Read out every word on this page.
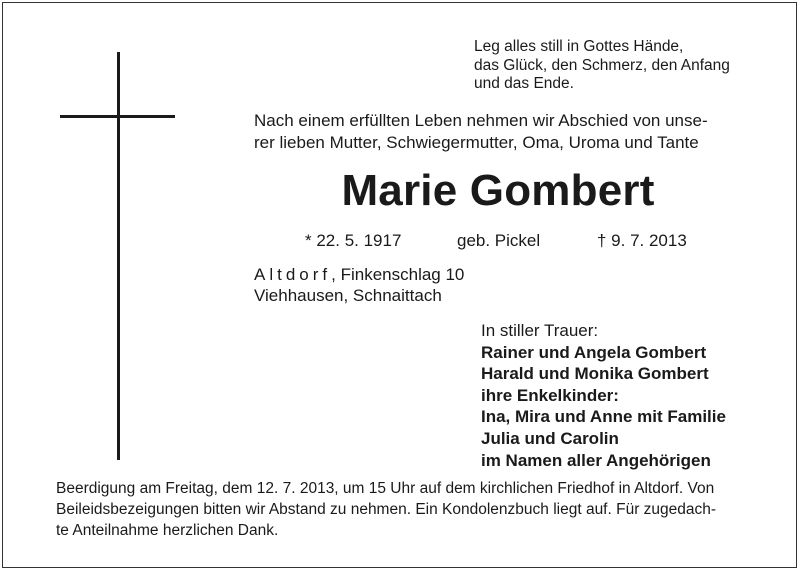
Leg alles still in Gottes Hände,
das Glück, den Schmerz, den Anfang
und das Ende.
Nach einem erfüllten Leben nehmen wir Abschied von unse-
rer lieben Mutter, Schwiegermutter, Oma, Uroma und Tante
Marie Gombert
* 22. 5. 1917	geb. Pickel	† 9. 7. 2013
Altdorf, Finkenschlag 10
Viehhausen, Schnaittach
In stiller Trauer:
Rainer und Angela Gombert
Harald und Monika Gombert
ihre Enkelkinder:
Ina, Mira und Anne mit Familie
Julia und Carolin
im Namen aller Angehörigen
Beerdigung am Freitag, dem 12. 7. 2013, um 15 Uhr auf dem kirchlichen Friedhof in Altdorf. Von
Beileidsbezeigungen bitten wir Abstand zu nehmen. Ein Kondolenzbuch liegt auf. Für zugedach-
te Anteilnahme herzlichen Dank.
